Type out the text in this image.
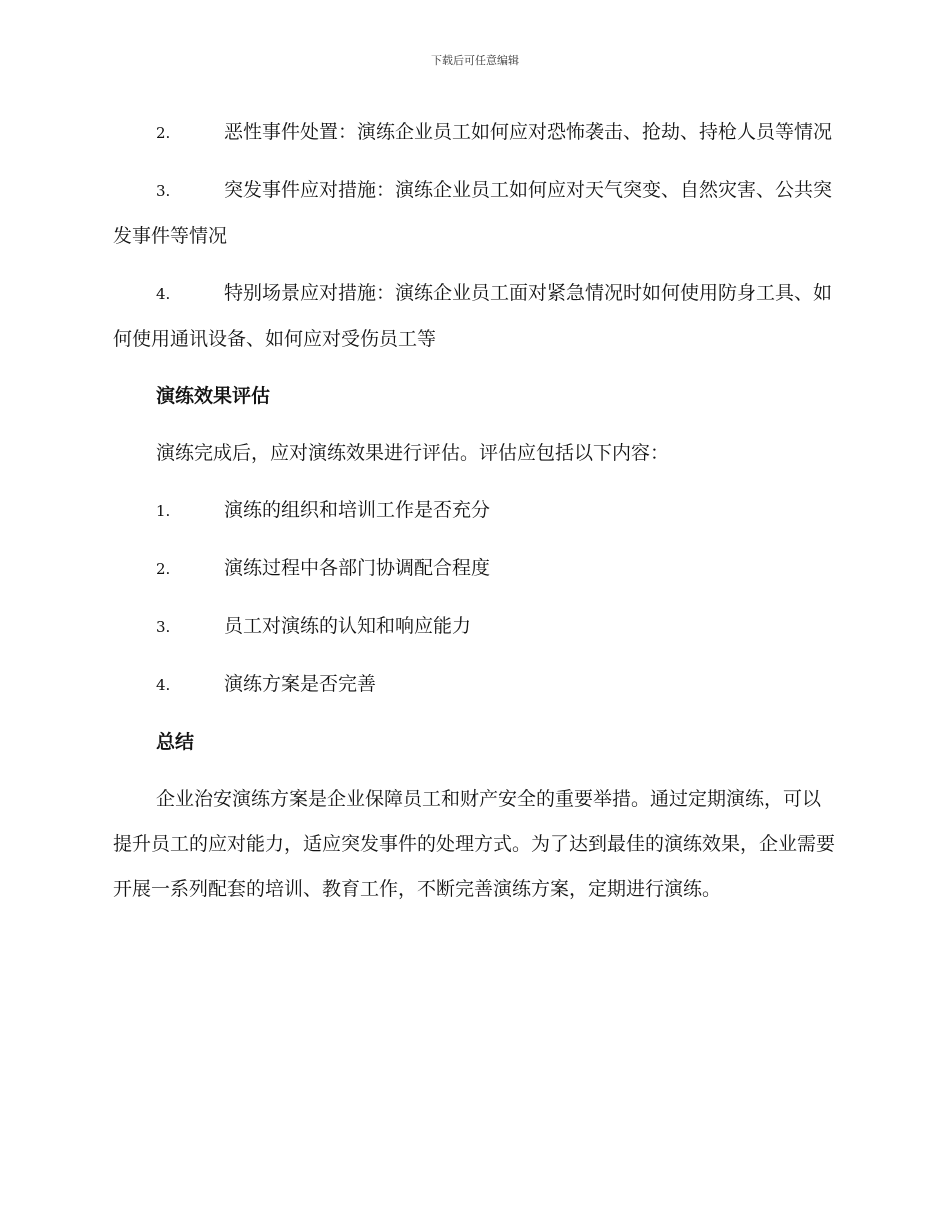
下载后可任意编辑

2.	恶性事件处置：演练企业员工如何应对恐怖袭击、抢劫、持枪人员等情况

3.	突发事件应对措施：演练企业员工如何应对天气突变、自然灾害、公共突发事件等情况

4.	特别场景应对措施：演练企业员工面对紧急情况时如何使用防身工具、如何使用通讯设备、如何应对受伤员工等

演练效果评估

演练完成后，应对演练效果进行评估。评估应包括以下内容：

1.	演练的组织和培训工作是否充分

2.	演练过程中各部门协调配合程度

3.	员工对演练的认知和响应能力

4.	演练方案是否完善

总结

企业治安演练方案是企业保障员工和财产安全的重要举措。通过定期演练，可以提升员工的应对能力，适应突发事件的处理方式。为了达到最佳的演练效果，企业需要开展一系列配套的培训、教育工作，不断完善演练方案，定期进行演练。
